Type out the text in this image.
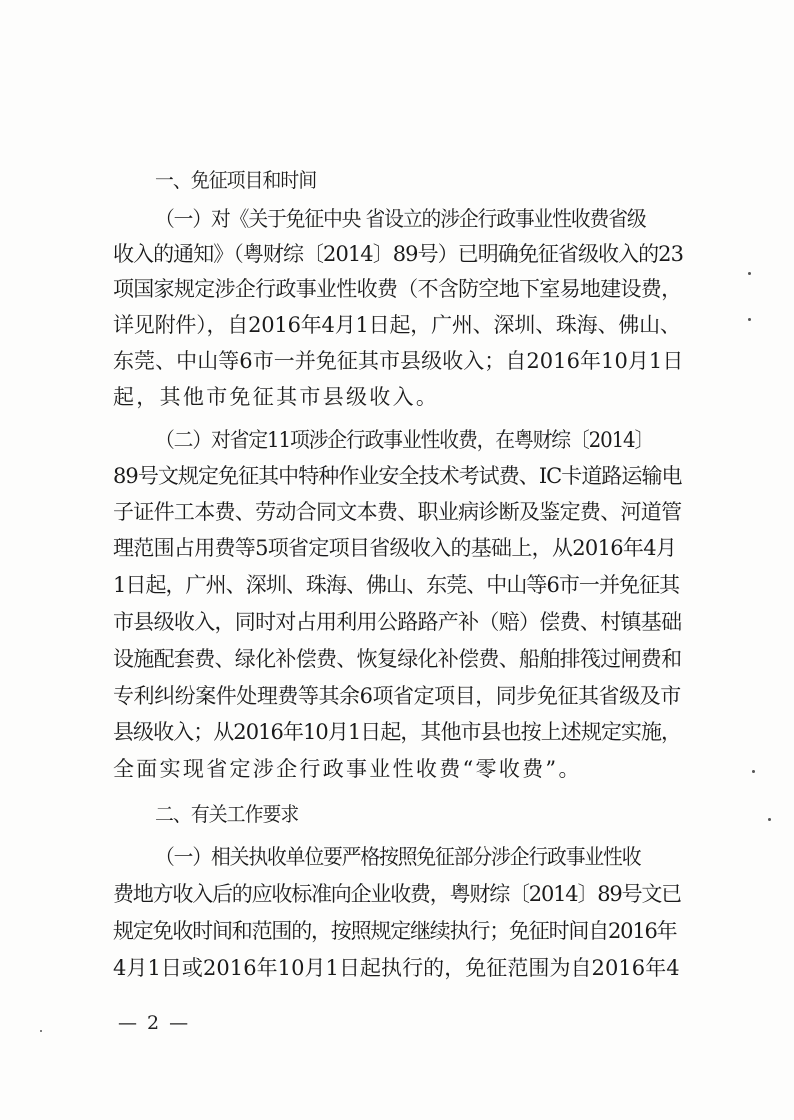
一、免征项目和时间
（一）对《关于免征中央 省设立的涉企行政事业性收费省级
收入的通知》（粤财综〔2014〕89号）已明确免征省级收入的23
项国家规定涉企行政事业性收费（不含防空地下室易地建设费，
详见附件），自2016年4月1日起，广州、深圳、珠海、佛山、
东莞、中山等6市一并免征其市县级收入；自2016年10月1日
起，其他市免征其市县级收入。
（二）对省定11项涉企行政事业性收费，在粤财综〔2014〕
89号文规定免征其中特种作业安全技术考试费、IC卡道路运输电
子证件工本费、劳动合同文本费、职业病诊断及鉴定费、河道管
理范围占用费等5项省定项目省级收入的基础上，从2016年4月
1日起，广州、深圳、珠海、佛山、东莞、中山等6市一并免征其
市县级收入，同时对占用利用公路路产补（赔）偿费、村镇基础
设施配套费、绿化补偿费、恢复绿化补偿费、船舶排筏过闸费和
专利纠纷案件处理费等其余6项省定项目，同步免征其省级及市
县级收入；从2016年10月1日起，其他市县也按上述规定实施，
全面实现省定涉企行政事业性收费“零收费”。
二、有关工作要求
（一）相关执收单位要严格按照免征部分涉企行政事业性收
费地方收入后的应收标准向企业收费，粤财综〔2014〕89号文已
规定免收时间和范围的，按照规定继续执行；免征时间自2016年
4月1日或2016年10月1日起执行的，免征范围为自2016年4
— 2 —
